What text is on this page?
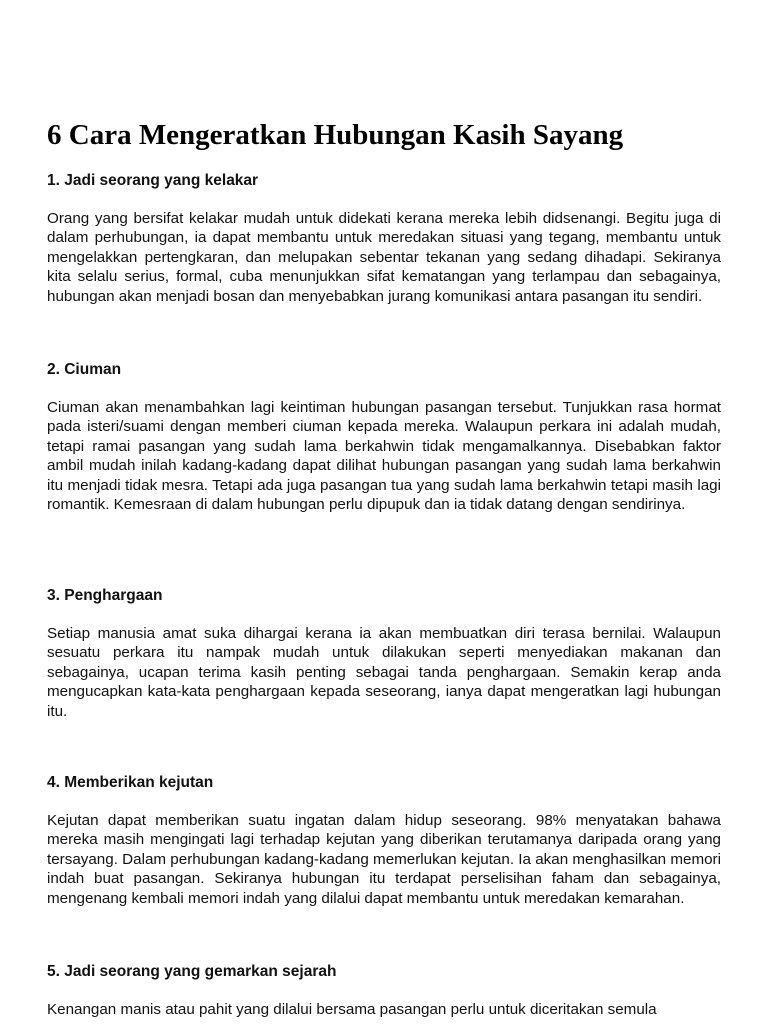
6 Cara Mengeratkan Hubungan Kasih Sayang
1. Jadi seorang yang kelakar

Orang yang bersifat kelakar mudah untuk didekati kerana mereka lebih didsenangi. Begitu juga di dalam perhubungan, ia dapat membantu untuk meredakan situasi yang tegang, membantu untuk mengelakkan pertengkaran, dan melupakan sebentar tekanan yang sedang dihadapi. Sekiranya kita selalu serius, formal, cuba menunjukkan sifat kematangan yang terlampau dan sebagainya, hubungan akan menjadi bosan dan menyebabkan jurang komunikasi antara pasangan itu sendiri.

2. Ciuman

Ciuman akan menambahkan lagi keintiman hubungan pasangan tersebut. Tunjukkan rasa hormat pada isteri/suami dengan memberi ciuman kepada mereka. Walaupun perkara ini adalah mudah, tetapi ramai pasangan yang sudah lama berkahwin tidak mengamalkannya. Disebabkan faktor ambil mudah inilah kadang-kadang dapat dilihat hubungan pasangan yang sudah lama berkahwin itu menjadi tidak mesra. Tetapi ada juga pasangan tua yang sudah lama berkahwin tetapi masih lagi romantik. Kemesraan di dalam hubungan perlu dipupuk dan ia tidak datang dengan sendirinya.

3. Penghargaan

Setiap manusia amat suka dihargai kerana ia akan membuatkan diri terasa bernilai. Walaupun sesuatu perkara itu nampak mudah untuk dilakukan seperti menyediakan makanan dan sebagainya, ucapan terima kasih penting sebagai tanda penghargaan. Semakin kerap anda mengucapkan kata-kata penghargaan kepada seseorang, ianya dapat mengeratkan lagi hubungan itu.

4. Memberikan kejutan

Kejutan dapat memberikan suatu ingatan dalam hidup seseorang. 98% menyatakan bahawa mereka masih mengingati lagi terhadap kejutan yang diberikan terutamanya daripada orang yang tersayang. Dalam perhubungan kadang-kadang memerlukan kejutan. Ia akan menghasilkan memori indah buat pasangan. Sekiranya hubungan itu terdapat perselisihan faham dan sebagainya, mengenang kembali memori indah yang dilalui dapat membantu untuk meredakan kemarahan.

5. Jadi seorang yang gemarkan sejarah

Kenangan manis atau pahit yang dilalui bersama pasangan perlu untuk diceritakan semula
